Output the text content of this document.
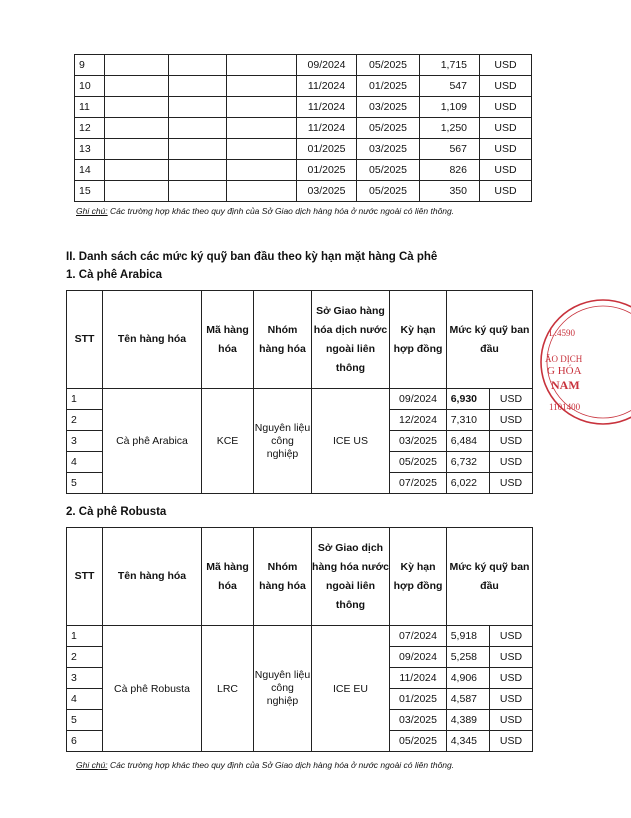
9				09/2024	05/2025	1,715	USD
10				11/2024	01/2025	547	USD
11				11/2024	03/2025	1,109	USD
12				11/2024	05/2025	1,250	USD
13				01/2025	03/2025	567	USD
14				01/2025	05/2025	826	USD
15				03/2025	05/2025	350	USD
Ghi chú: Các trường hợp khác theo quy định của Sở Giao dịch hàng hóa ở nước ngoài có liên thông.
II. Danh sách các mức ký quỹ ban đầu theo kỳ hạn mặt hàng Cà phê
1. Cà phê Arabica
STT	Tên hàng hóa	Mã hàng hóa	Nhóm hàng hóa	Sở Giao hàng hóa dịch nước ngoài liên thông	Kỳ hạn hợp đồng	Mức ký quỹ ban đầu	
1	Cà phê Arabica	KCE	Nguyên liệu công nghiệp	ICE US	09/2024	6,930	USD
2					12/2024	7,310	USD
3					03/2025	6,484	USD
4					05/2025	6,732	USD
5					07/2025	6,022	USD
2. Cà phê Robusta
STT	Tên hàng hóa	Mã hàng hóa	Nhóm hàng hóa	Sở Giao dịch hàng hóa nước ngoài liên thông	Kỳ hạn hợp đồng	Mức ký quỹ ban đầu	
1	Cà phê Robusta	LRC	Nguyên liệu công nghiệp	ICE EU	07/2024	5,918	USD
2					09/2024	5,258	USD
3					11/2024	4,906	USD
4					01/2025	4,587	USD
5					03/2025	4,389	USD
6					05/2025	4,345	USD
Ghi chú: Các trường hợp khác theo quy định của Sở Giao dịch hàng hóa ở nước ngoài có liên thông.
L:4590
ÃO DỊCH
G HÓA
NAM
1101400
